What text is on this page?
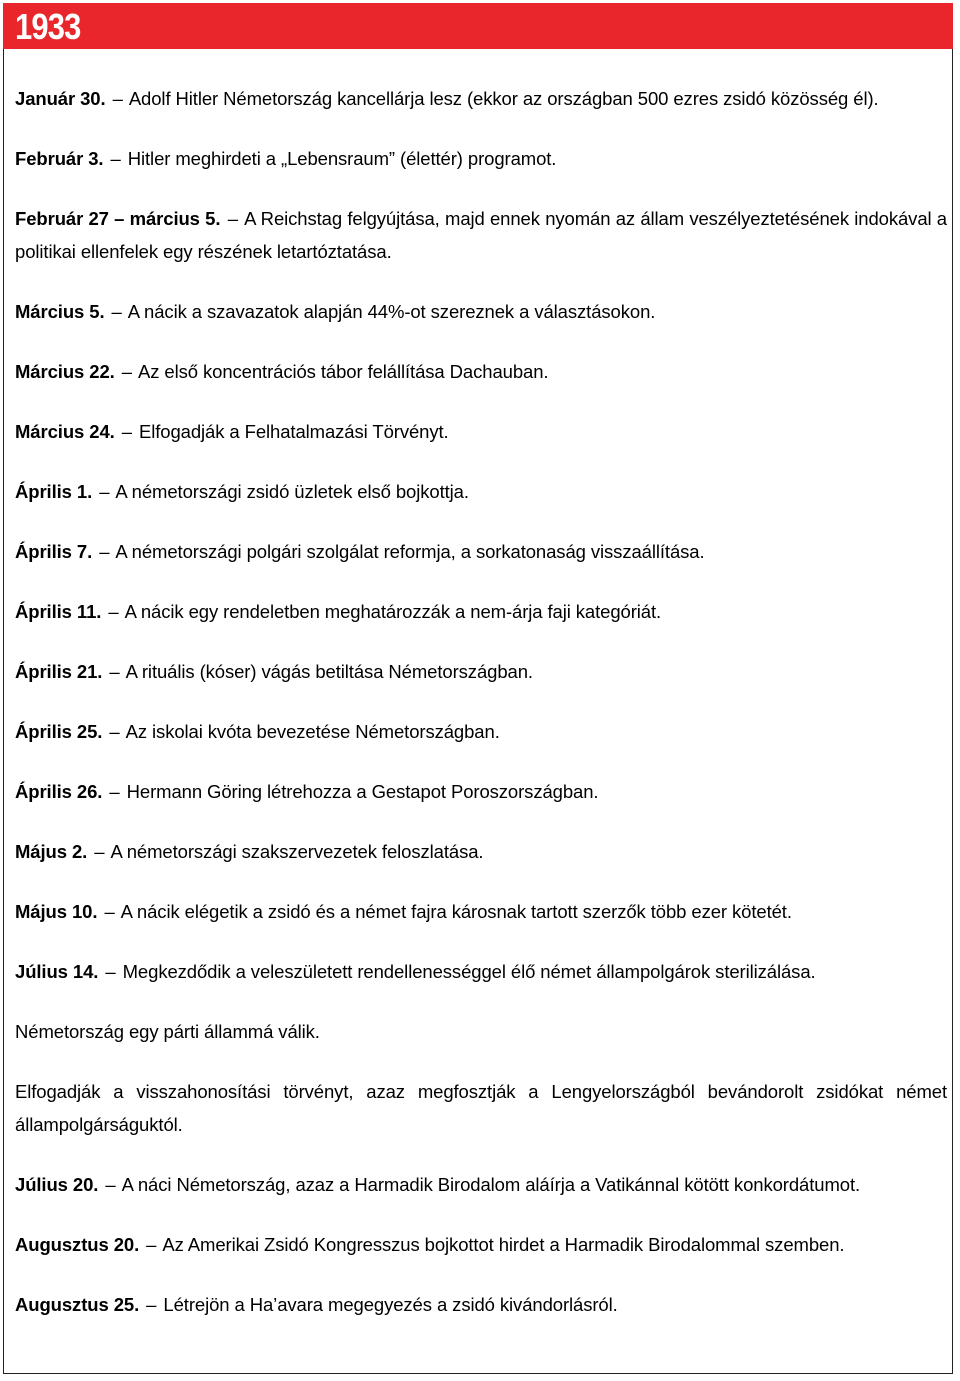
1933
Január 30. – Adolf Hitler Németország kancellárja lesz (ekkor az országban 500 ezres zsidó közösség él).
Február 3. – Hitler meghirdeti a „Lebensraum” (élettér) programot.
Február 27 – március 5. – A Reichstag felgyújtása, majd ennek nyomán az állam veszélyeztetésének indokával a politikai ellenfelek egy részének letartóztatása.
Március 5. – A nácik a szavazatok alapján 44%-ot szereznek a választásokon.
Március 22. – Az első koncentrációs tábor felállítása Dachauban.
Március 24. – Elfogadják a Felhatalmazási Törvényt.
Április 1. – A németországi zsidó üzletek első bojkottja.
Április 7. – A németországi polgári szolgálat reformja, a sorkatonaság visszaállítása.
Április 11. – A nácik egy rendeletben meghatározzák a nem-árja faji kategóriát.
Április 21. – A rituális (kóser) vágás betiltása Németországban.
Április 25. – Az iskolai kvóta bevezetése Németországban.
Április 26. – Hermann Göring létrehozza a Gestapot Poroszországban.
Május 2. – A németországi szakszervezetek feloszlatása.
Május 10. – A nácik elégetik a zsidó és a német fajra károsnak tartott szerzők több ezer kötetét.
Július 14. – Megkezdődik a veleszületett rendellenességgel élő német állampolgárok sterilizálása.
Németország egy párti állammá válik.
Elfogadják a visszahonosítási törvényt, azaz megfosztják a Lengyelországból bevándorolt zsidókat német állampolgárságuktól.
Július 20. – A náci Németország, azaz a Harmadik Birodalom aláírja a Vatikánnal kötött konkordátumot.
Augusztus 20. – Az Amerikai Zsidó Kongresszus bojkottot hirdet a Harmadik Birodalommal szemben.
Augusztus 25. – Létrejön a Ha’avara megegyezés a zsidó kivándorlásról.
